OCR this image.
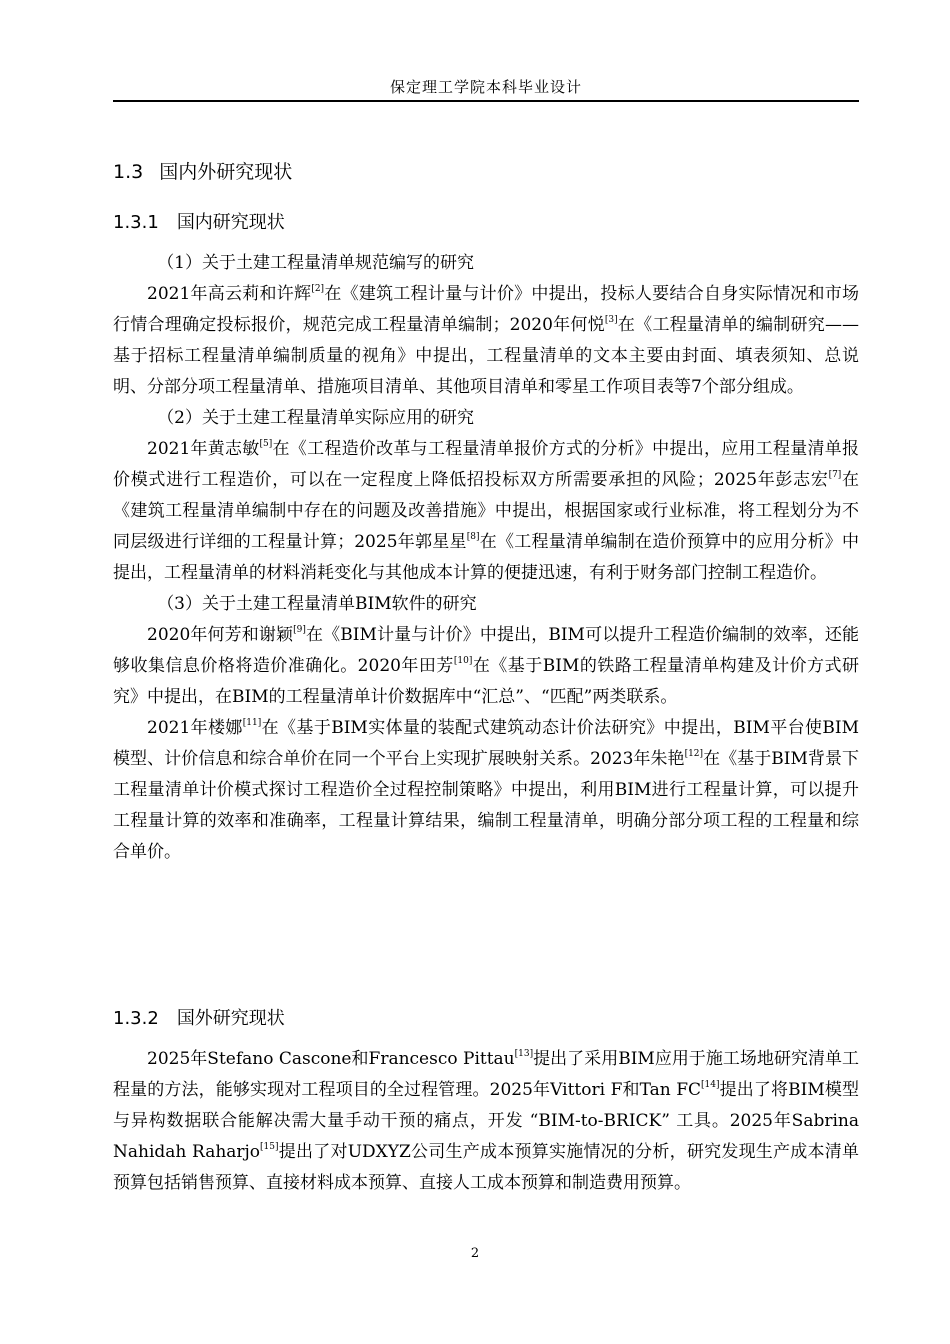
保定理工学院本科毕业设计
1.3 国内外研究现状
1.3.1 国内研究现状

（1）关于土建工程量清单规范编写的研究

2021年高云莉和许辉[2]在《建筑工程计量与计价》中提出，投标人要结合自身实际情况和市场行情合理确定投标报价，规范完成工程量清单编制；2020年何悦[3]在《工程量清单的编制研究——基于招标工程量清单编制质量的视角》中提出，工程量清单的文本主要由封面、填表须知、总说明、分部分项工程量清单、措施项目清单、其他项目清单和零星工作项目表等7个部分组成。

（2）关于土建工程量清单实际应用的研究

2021年黄志敏[5]在《工程造价改革与工程量清单报价方式的分析》中提出，应用工程量清单报价模式进行工程造价，可以在一定程度上降低招投标双方所需要承担的风险；2025年彭志宏[7]在《建筑工程量清单编制中存在的问题及改善措施》中提出，根据国家或行业标准，将工程划分为不同层级进行详细的工程量计算；2025年郭星星[8]在《工程量清单编制在造价预算中的应用分析》中提出，工程量清单的材料消耗变化与其他成本计算的便捷迅速，有利于财务部门控制工程造价。

（3）关于土建工程量清单BIM软件的研究

2020年何芳和谢颖[9]在《BIM计量与计价》中提出，BIM可以提升工程造价编制的效率，还能够收集信息价格将造价准确化。2020年田芳[10]在《基于BIM的铁路工程量清单构建及计价方式研究》中提出，在BIM的工程量清单计价数据库中“汇总”、“匹配”两类联系。

2021年楼娜[11]在《基于BIM实体量的装配式建筑动态计价法研究》中提出，BIM平台使BIM模型、计价信息和综合单价在同一个平台上实现扩展映射关系。2023年朱艳[12]在《基于BIM背景下工程量清单计价模式探讨工程造价全过程控制策略》中提出，利用BIM进行工程量计算，可以提升工程量计算的效率和准确率，工程量计算结果，编制工程量清单，明确分部分项工程的工程量和综合单价。

1.3.2 国外研究现状

2025年Stefano Cascone和Francesco Pittau[13]提出了采用BIM应用于施工场地研究清单工程量的方法，能够实现对工程项目的全过程管理。2025年Vittori F和Tan FC[14]提出了将BIM模型与异构数据联合能解决需大量手动干预的痛点，开发 “BIM-to-BRICK” 工具。2025年Sabrina Nahidah Raharjo[15]提出了对UDXYZ公司生产成本预算实施情况的分析，研究发现生产成本清单预算包括销售预算、直接材料成本预算、直接人工成本预算和制造费用预算。

2
